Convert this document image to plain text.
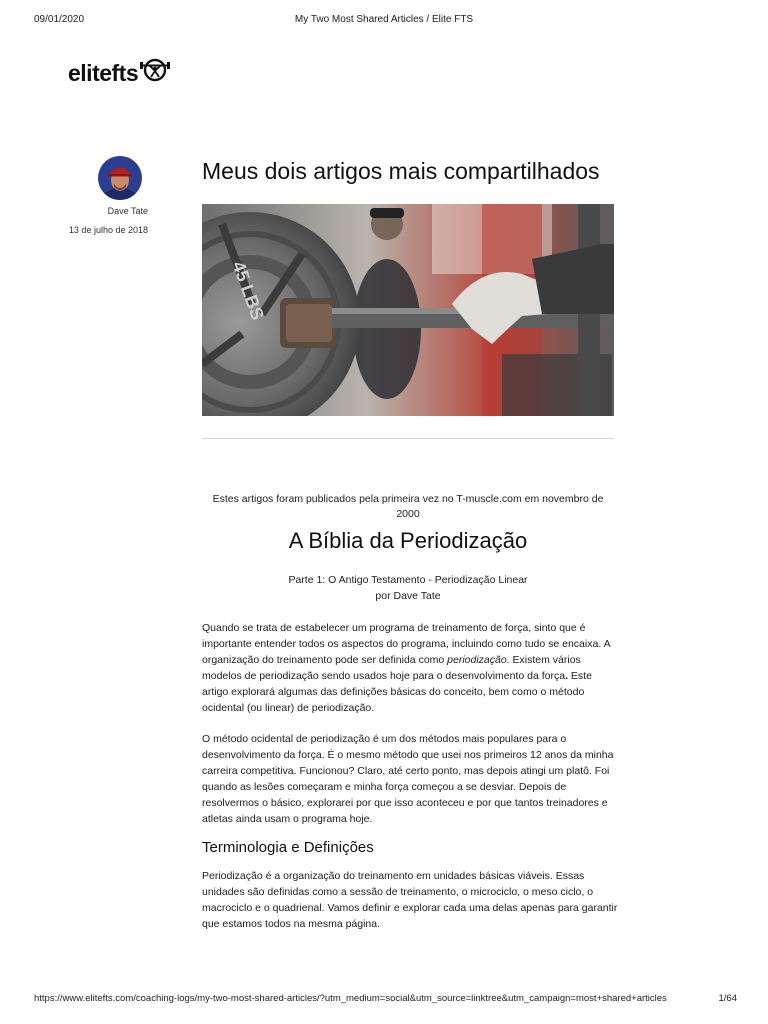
09/01/2020	My Two Most Shared Articles / Elite FTS
elitefts
Dave Tate
13 de julho de 2018
Meus dois artigos mais compartilhados
45 LBS
Estes artigos foram publicados pela primeira vez no T-muscle.com em novembro de 2000
A Bíblia da Periodização
Parte 1: O Antigo Testamento - Periodização Linear
por Dave Tate

Quando se trata de estabelecer um programa de treinamento de força, sinto que é importante entender todos os aspectos do programa, incluindo como tudo se encaixa. A organização do treinamento pode ser definida como periodização. Existem vários modelos de periodização sendo usados hoje para o desenvolvimento da força. Este artigo explorará algumas das definições básicas do conceito, bem como o método ocidental (ou linear) de periodização.

O método ocidental de periodização é um dos métodos mais populares para o desenvolvimento da força. É o mesmo método que usei nos primeiros 12 anos da minha carreira competitiva. Funcionou? Claro, até certo ponto, mas depois atingi um platô. Foi quando as lesões começaram e minha força começou a se desviar. Depois de resolvermos o básico, explorarei por que isso aconteceu e por que tantos treinadores e atletas ainda usam o programa hoje.

Terminologia e Definições

Periodização é a organização do treinamento em unidades básicas viáveis. Essas unidades são definidas como a sessão de treinamento, o microciclo, o meso ciclo, o macrociclo e o quadrienal. Vamos definir e explorar cada uma delas apenas para garantir que estamos todos na mesma página.

https://www.elitefts.com/coaching-logs/my-two-most-shared-articles/?utm_medium=social&utm_source=linktree&utm_campaign=most+shared+articles	1/64
